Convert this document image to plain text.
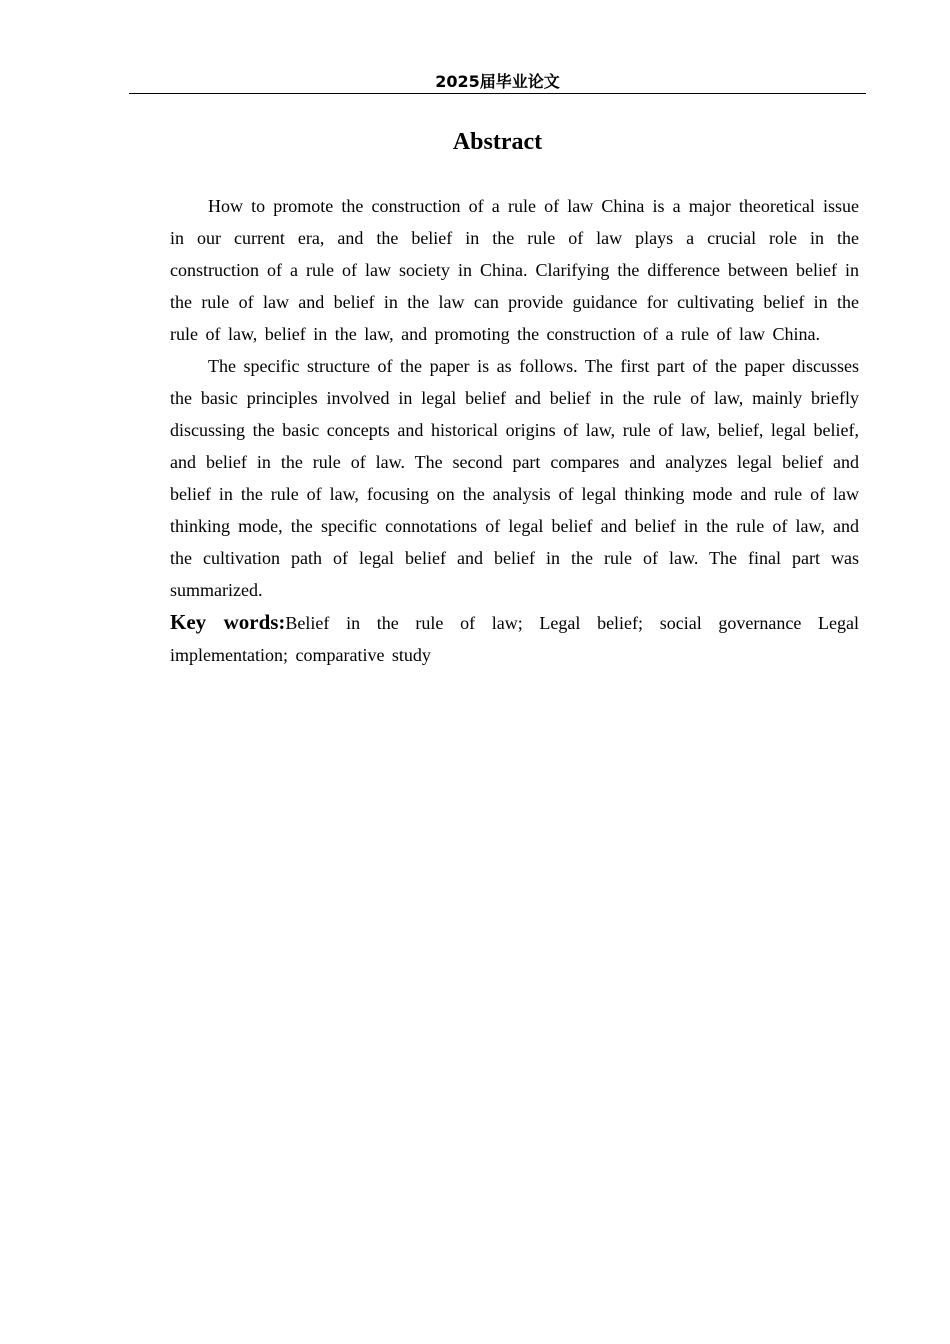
2025届毕业论文
Abstract

How to promote the construction of a rule of law China is a major theoretical issue in our current era, and the belief in the rule of law plays a crucial role in the construction of a rule of law society in China. Clarifying the difference between belief in the rule of law and belief in the law can provide guidance for cultivating belief in the rule of law, belief in the law, and promoting the construction of a rule of law China.

The specific structure of the paper is as follows. The first part of the paper discusses the basic principles involved in legal belief and belief in the rule of law, mainly briefly discussing the basic concepts and historical origins of law, rule of law, belief, legal belief, and belief in the rule of law. The second part compares and analyzes legal belief and belief in the rule of law, focusing on the analysis of legal thinking mode and rule of law thinking mode, the specific connotations of legal belief and belief in the rule of law, and the cultivation path of legal belief and belief in the rule of law. The final part was summarized.

Key words:Belief in the rule of law; Legal belief; social governance Legal implementation; comparative study
